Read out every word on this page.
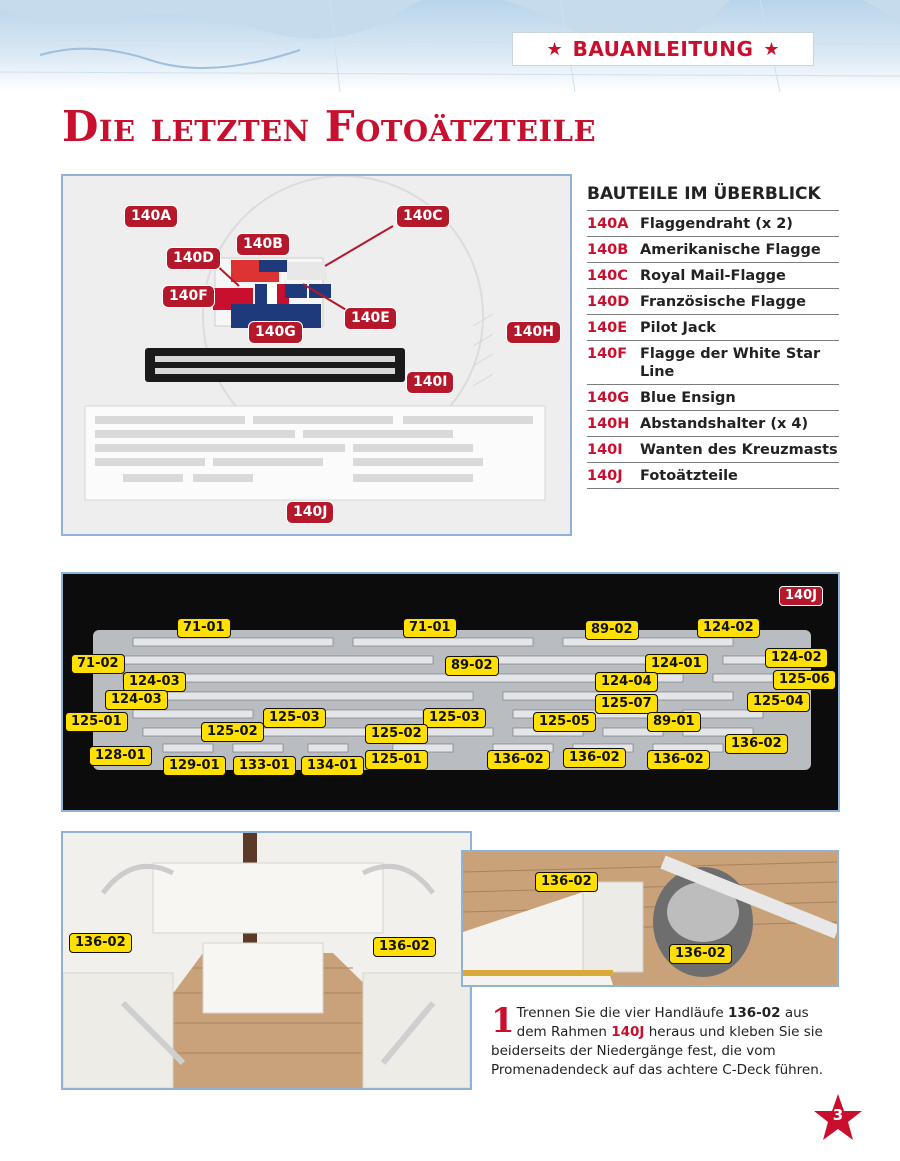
★ BAUANLEITUNG ★
Die letzten Fotoätzteile
140A
140B
140C
140D
140E
140F
140G	140H
140I
140J
BAUTEILE IM ÜBERBLICK
140A Flaggendraht (x 2)
140B Amerikanische Flagge
140C Royal Mail-Flagge
140D Französische Flagge
140E Pilot Jack
140F Flagge der White Star Line
140G Blue Ensign
140H Abstandshalter (x 4)
140I	Wanten des Kreuzmasts
140J	Fotoätzteile
140J
71-01	71-01	89-02	124-02
71-02	89-02	124-01	124-02
124-03	124-04	125-06
124-03	125-07	125-04
125-01	125-03	125-03	125-05	89-01
125-02	125-02
136-02
128-01
129-01	133-01	134-01	125-01	136-02	136-02	136-02
136-02	136-02
136-02
136-02
1 Trennen Sie die vier Handläufe 136-02 aus dem Rahmen 140J heraus und kleben Sie sie beiderseits der Niedergänge fest, die vom Promenadendeck auf das achtere C-Deck führen.
3
